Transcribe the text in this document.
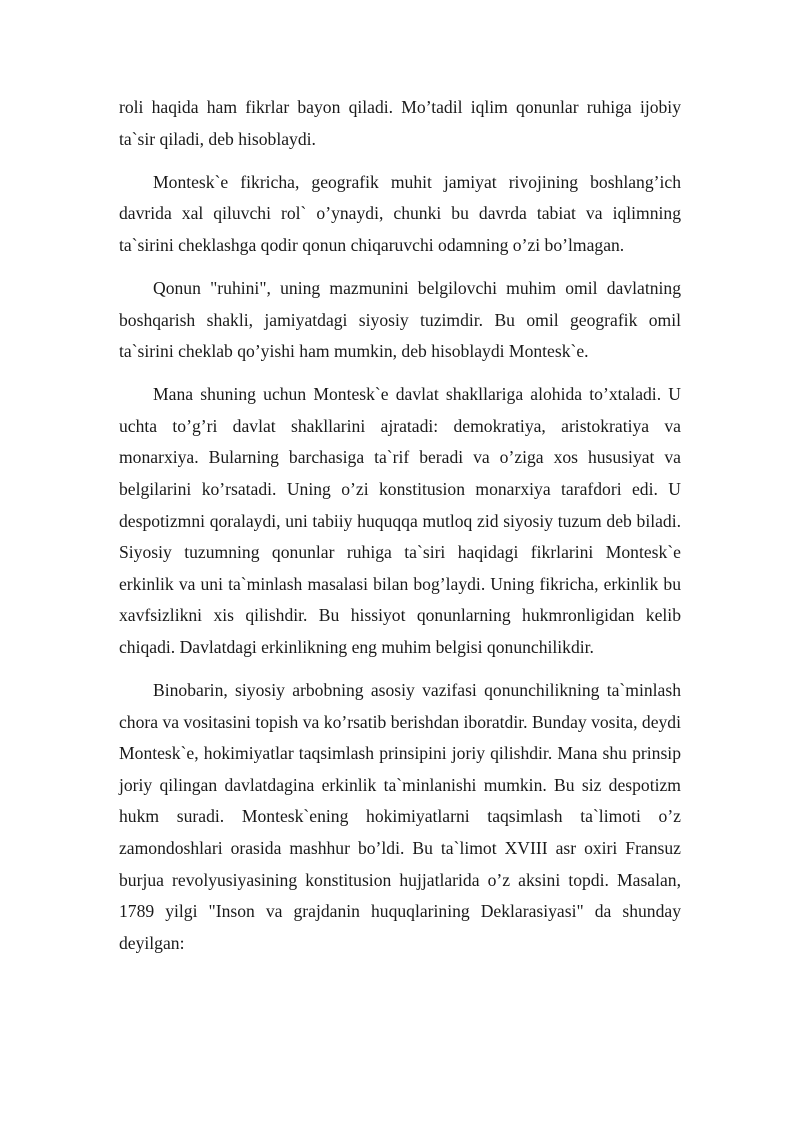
roli haqida ham fikrlar bayon qiladi. Mo’tadil iqlim qonunlar ruhiga ijobiy ta`sir qiladi, deb hisoblaydi.

Montesk`e fikricha, geografik muhit jamiyat rivojining boshlang’ich davrida xal qiluvchi rol` o’ynaydi, chunki bu davrda tabiat va iqlimning ta`sirini cheklashga qodir qonun chiqaruvchi odamning o’zi bo’lmagan.

Qonun "ruhini", uning mazmunini belgilovchi muhim omil davlatning boshqarish shakli, jamiyatdagi siyosiy tuzimdir. Bu omil geografik omil ta`sirini cheklab qo’yishi ham mumkin, deb hisoblaydi Montesk`e.

Mana shuning uchun Montesk`e davlat shakllariga alohida to’xtaladi. U uchta to’g’ri davlat shakllarini ajratadi: demokratiya, aristokratiya va monarxiya. Bularning barchasiga ta`rif beradi va o’ziga xos hususiyat va belgilarini ko’rsatadi. Uning o’zi konstitusion monarxiya tarafdori edi. U despotizmni qoralaydi, uni tabiiy huquqqa mutloq zid siyosiy tuzum deb biladi. Siyosiy tuzumning qonunlar ruhiga ta`siri haqidagi fikrlarini Montesk`e erkinlik va uni ta`minlash masalasi bilan bog’laydi. Uning fikricha, erkinlik bu xavfsizlikni xis qilishdir. Bu hissiyot qonunlarning hukmronligidan kelib chiqadi. Davlatdagi erkinlikning eng muhim belgisi qonunchilikdir.

Binobarin, siyosiy arbobning asosiy vazifasi qonunchilikning ta`minlash chora va vositasini topish va ko’rsatib berishdan iboratdir. Bunday vosita, deydi Montesk`e, hokimiyatlar taqsimlash prinsipini joriy qilishdir. Mana shu prinsip joriy qilingan davlatdagina erkinlik ta`minlanishi mumkin. Bu siz despotizm hukm suradi. Montesk`ening hokimiyatlarni taqsimlash ta`limoti o’z zamondoshlari orasida mashhur bo’ldi. Bu ta`limot XVIII asr oxiri Fransuz burjua revolyusiyasining konstitusion hujjatlarida o’z aksini topdi. Masalan, 1789 yilgi "Inson va grajdanin huquqlarining Deklarasiyasi" da shunday deyilgan:
